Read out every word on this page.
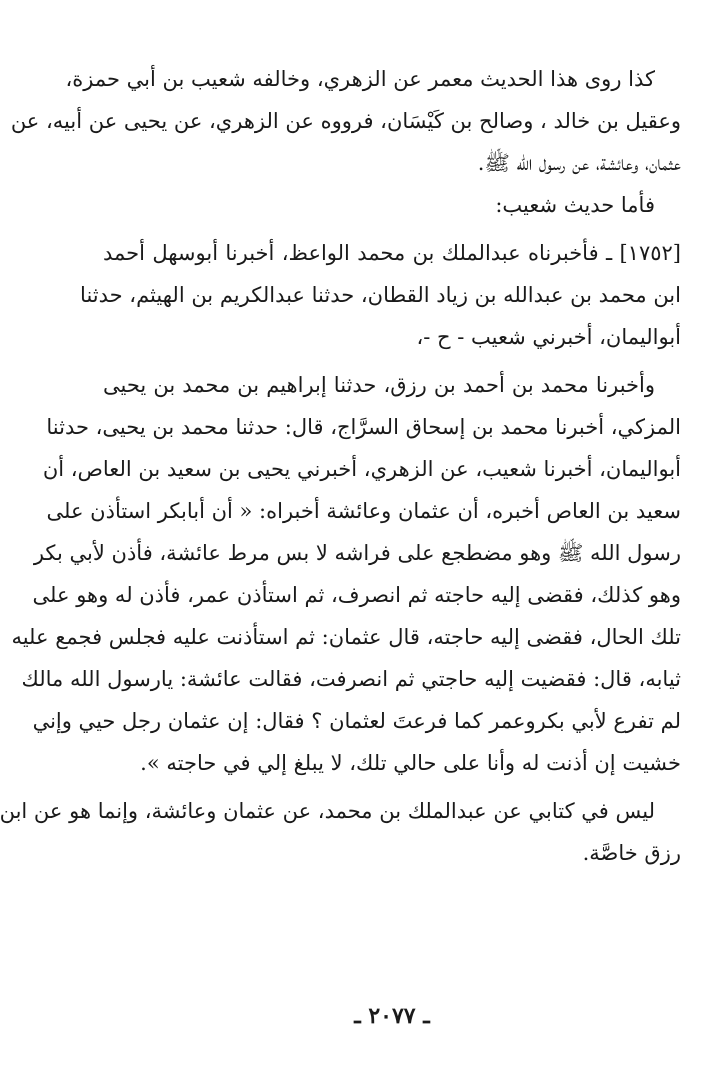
كذا روى هذا الحديث معمر عن الزهري، وخالفه شعيب بن أبي حمزة،
وعقيل بن خالد ، وصالح بن كَيْسَان، فرووه عن الزهري، عن يحيى عن أبيه، عن
عثمان، وعائشة، عن رسول الله ﷺ.
فأما حديث شعيب:
[١٧٥٢] ـ فأخبرناه عبدالملك بن محمد الواعظ، أخبرنا أبوسهل أحمد
ابن محمد بن عبدالله بن زياد القطان، حدثنا عبدالكريم بن الهيثم، حدثنا
أبواليمان، أخبرني شعيب - ح -،
وأخبرنا محمد بن أحمد بن رزق، حدثنا إبراهيم بن محمد بن يحيى
المزكي، أخبرنا محمد بن إسحاق السرَّاج، قال: حدثنا محمد بن يحيى، حدثنا
أبواليمان، أخبرنا شعيب، عن الزهري، أخبرني يحيى بن سعيد بن العاص، أن
سعيد بن العاص أخبره، أن عثمان وعائشة أخبراه: « أن أبابكر استأذن على
رسول الله ﷺ وهو مضطجع على فراشه لا بس مرط عائشة، فأذن لأبي بكر
وهو كذلك، فقضى إليه حاجته ثم انصرف، ثم استأذن عمر، فأذن له وهو على
تلك الحال، فقضى إليه حاجته، قال عثمان: ثم استأذنت عليه فجلس فجمع عليه
ثيابه، قال: فقضيت إليه حاجتي ثم انصرفت، فقالت عائشة: يارسول الله مالك
لم تفرع لأبي بكروعمر كما فرعتَ لعثمان ؟ فقال: إن عثمان رجل حيي وإني
خشيت إن أذنت له وأنا على حالي تلك، لا يبلغ إلي في حاجته ».
ليس في كتابي عن عبدالملك بن محمد، عن عثمان وعائشة، وإنما هو عن ابن
رزق خاصَّة.
ـ ٢٠٧٧ ـ
